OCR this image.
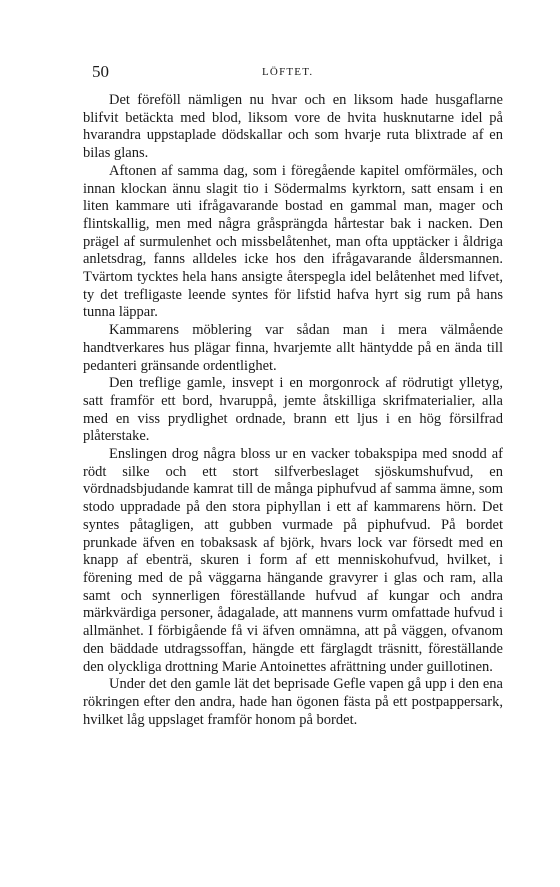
50	LÖFTET.

Det föreföll nämligen nu hvar och en liksom hade husgaflarne blifvit betäckta med blod, liksom vore de hvita husknutarne idel på hvarandra uppstaplade dödskallar och som hvarje ruta blixtrade af en bilas glans.

Aftonen af samma dag, som i föregående kapitel omförmäles, och innan klockan ännu slagit tio i Södermalms kyrktorn, satt ensam i en liten kammare uti ifrågavarande bostad en gammal man, mager och flintskallig, men med några gråsprängda hårtestar bak i nacken. Den prägel af surmulenhet och missbelåtenhet, man ofta upptäcker i åldriga anletsdrag, fanns alldeles icke hos den ifrågavarande åldersmannen. Tvärtom tycktes hela hans ansigte återspegla idel belåtenhet med lifvet, ty det trefligaste leende syntes för lifstid hafva hyrt sig rum på hans tunna läppar.

Kammarens möblering var sådan man i mera välmående handtverkares hus plägar finna, hvarjemte allt häntydde på en ända till pedanteri gränsande ordentlighet.

Den treflige gamle, insvept i en morgonrock af rödrutigt ylletyg, satt framför ett bord, hvaruppå, jemte åtskilliga skrifmaterialier, alla med en viss prydlighet ordnade, brann ett ljus i en hög försilfrad plåterstake.

Enslingen drog några bloss ur en vacker tobakspipa med snodd af rödt silke och ett stort silfverbeslaget sjöskumshufvud, en vördnadsbjudande kamrat till de många piphufvud af samma ämne, som stodo uppradade på den stora piphyllan i ett af kammarens hörn. Det syntes påtagligen, att gubben vurmade på piphufvud. På bordet prunkade äfven en tobaksask af björk, hvars lock var försedt med en knapp af ebenträ, skuren i form af ett menniskohufvud, hvilket, i förening med de på väggarna hängande gravyrer i glas och ram, alla samt och synnerligen föreställande hufvud af kungar och andra märkvärdiga personer, ådagalade, att mannens vurm omfattade hufvud i allmänhet. I förbigående få vi äfven omnämna, att på väggen, ofvanom den bäddade utdragssoffan, hängde ett färglagdt träsnitt, föreställande den olyckliga drottning Marie Antoinettes afrättning under guillotinen.

Under det den gamle lät det beprisade Gefle vapen gå upp i den ena rökringen efter den andra, hade han ögonen fästa på ett postpappersark, hvilket låg uppslaget framför honom på bordet.
